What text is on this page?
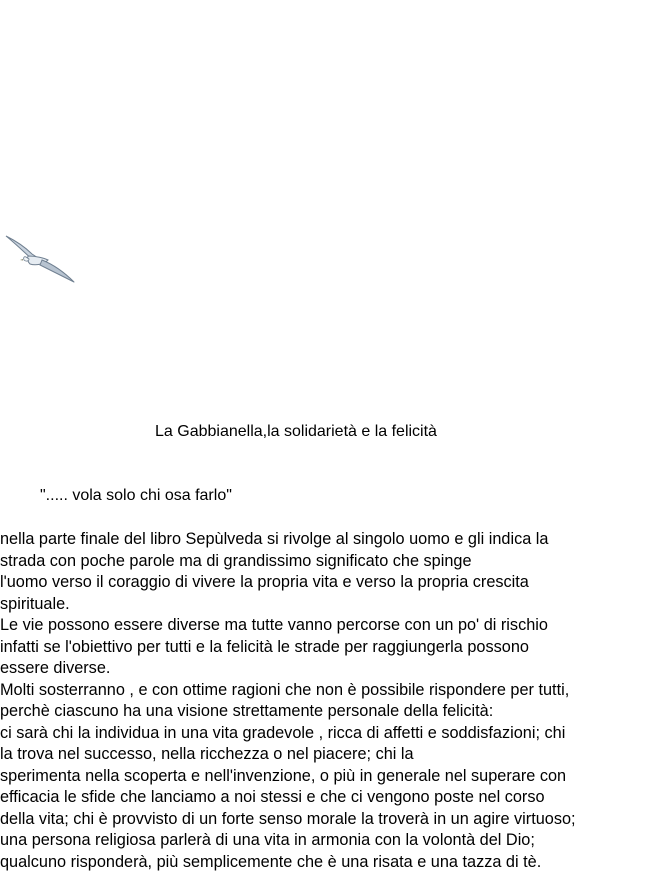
La Gabbianella,la solidarietà e la felicità
"..... vola solo chi osa farlo"
nella parte finale del libro Sepùlveda si rivolge al singolo uomo e gli indica la
strada con poche parole ma di grandissimo significato che spinge
l'uomo verso il coraggio di vivere la propria vita e verso la propria crescita
spirituale.
Le vie possono essere diverse ma tutte vanno percorse con un po' di rischio
infatti se l'obiettivo per tutti e la felicità le strade per raggiungerla possono
essere diverse.
Molti sosterranno , e con ottime ragioni che non è possibile rispondere per tutti,
perchè ciascuno ha una visione strettamente personale della felicità:
ci sarà chi la individua in una vita gradevole , ricca di affetti e soddisfazioni; chi
la trova nel successo, nella ricchezza o nel piacere; chi la
sperimenta nella scoperta e nell'invenzione, o più in generale nel superare con
efficacia le sfide che lanciamo a noi stessi e che ci vengono poste nel corso
della vita; chi è provvisto di un forte senso morale la troverà in un agire virtuoso;
una persona religiosa parlerà di una vita in armonia con la volontà del Dio;
qualcuno risponderà, più semplicemente che è una risata e una tazza di tè.
